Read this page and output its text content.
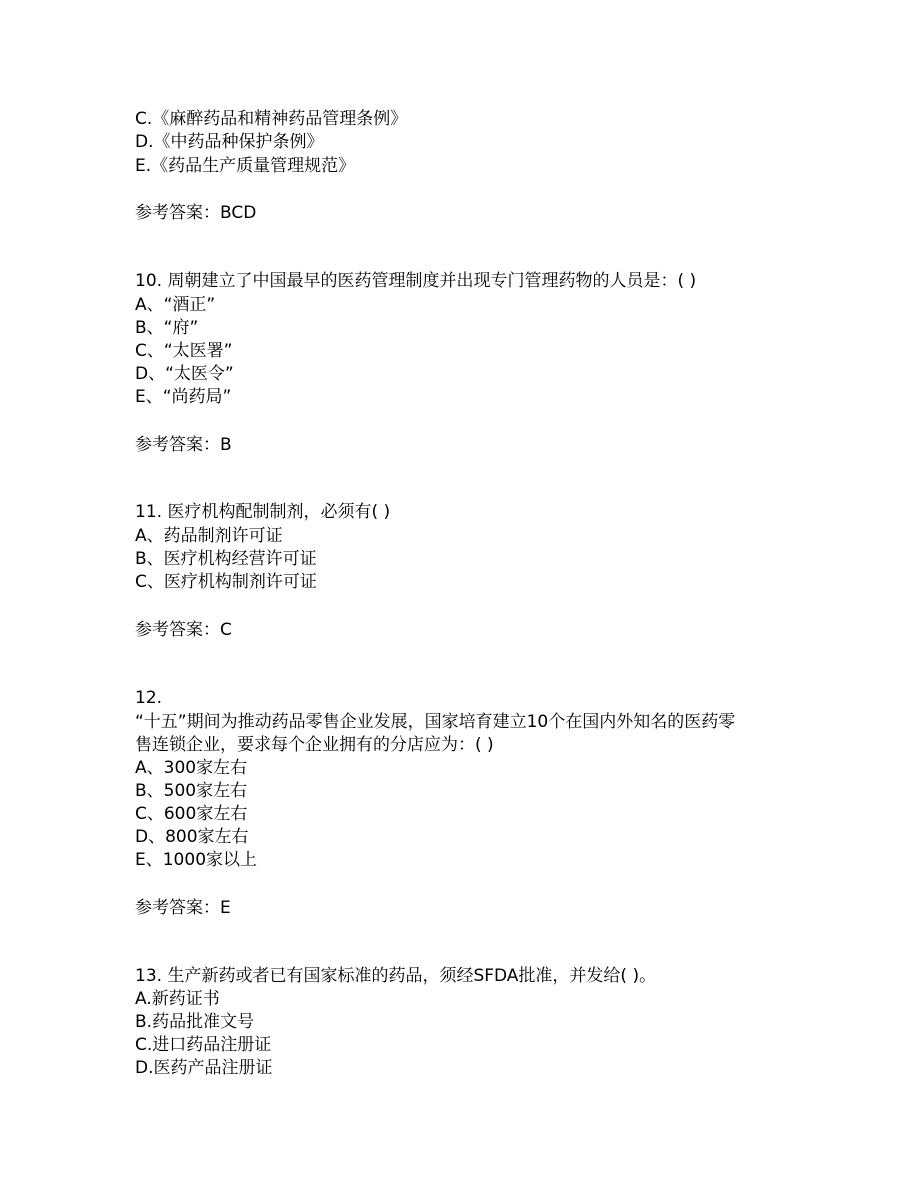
C.《麻醉药品和精神药品管理条例》
D.《中药品种保护条例》
E.《药品生产质量管理规范》
参考答案：BCD
10. 周朝建立了中国最早的医药管理制度并出现专门管理药物的人员是：( )
A、“酒正”
B、“府”
C、“太医署”
D、“太医令”
E、“尚药局”
参考答案：B
11. 医疗机构配制制剂，必须有( )
A、药品制剂许可证
B、医疗机构经营许可证
C、医疗机构制剂许可证
参考答案：C
12.
“十五”期间为推动药品零售企业发展，国家培育建立10个在国内外知名的医药零
售连锁企业，要求每个企业拥有的分店应为：( )
A、300家左右
B、500家左右
C、600家左右
D、800家左右
E、1000家以上
参考答案：E
13. 生产新药或者已有国家标准的药品，须经SFDA批准，并发给( )。
A.新药证书
B.药品批准文号
C.进口药品注册证
D.医药产品注册证
